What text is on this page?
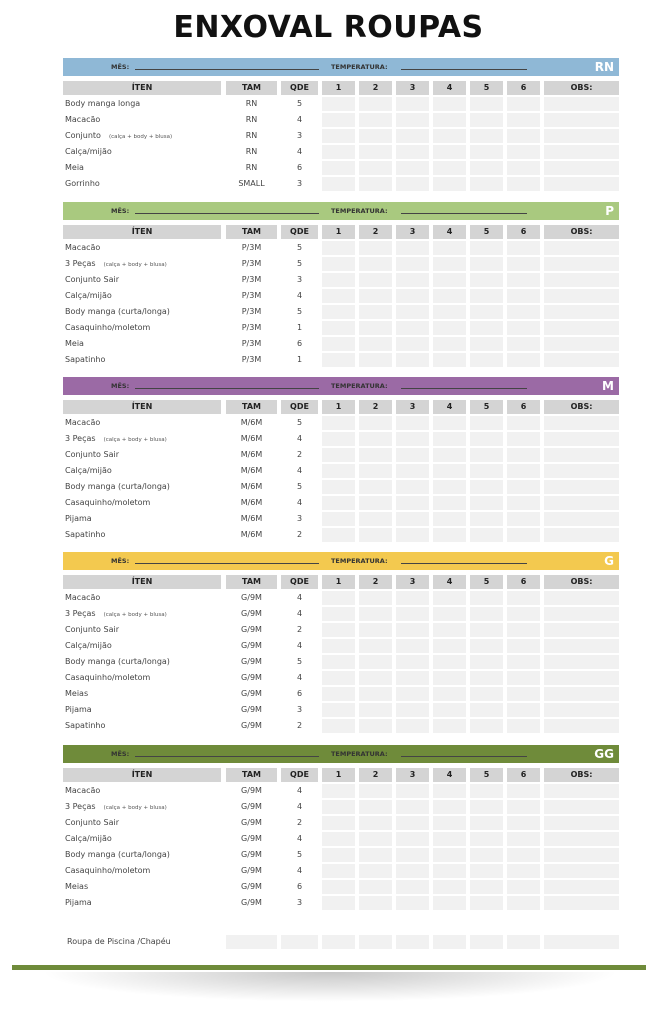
ENXOVAL ROUPAS
MÊS:	TEMPERATURA:	RN
ÍTEN	TAM	QDE	1	2	3	4	5	6	OBS:
Body manga longa	RN	5
Macacão	RN	4
Conjunto (calça + body + blusa)	RN	3
Calça/mijão	RN	4
Meia	RN	6
Gorrinho	SMALL	3
MÊS:	TEMPERATURA:	P
ÍTEN	TAM	QDE	1	2	3	4	5	6	OBS:
Macacão	P/3M	5
3 Peças (calça + body + blusa)	P/3M	5
Conjunto Sair	P/3M	3
Calça/mijão	P/3M	4
Body manga (curta/longa)	P/3M	5
Casaquinho/moletom	P/3M	1
Meia	P/3M	6
Sapatinho	P/3M	1
MÊS:	TEMPERATURA:	M
ÍTEN	TAM	QDE	1	2	3	4	5	6	OBS:
Macacão	M/6M	5
3 Peças (calça + body + blusa)	M/6M	4
Conjunto Sair	M/6M	2
Calça/mijão	M/6M	4
Body manga (curta/longa)	M/6M	5
Casaquinho/moletom	M/6M	4
Pijama	M/6M	3
Sapatinho	M/6M	2
MÊS:	TEMPERATURA:	G
ÍTEN	TAM	QDE	1	2	3	4	5	6	OBS:
Macacão	G/9M	4
3 Peças (calça + body + blusa)	G/9M	4
Conjunto Sair	G/9M	2
Calça/mijão	G/9M	4
Body manga (curta/longa)	G/9M	5
Casaquinho/moletom	G/9M	4
Meias	G/9M	6
Pijama	G/9M	3
Sapatinho	G/9M	2
MÊS:	TEMPERATURA:	GG
ÍTEN	TAM	QDE	1	2	3	4	5	6	OBS:
Macacão	G/9M	4
3 Peças (calça + body + blusa)	G/9M	4
Conjunto Sair	G/9M	2
Calça/mijão	G/9M	4
Body manga (curta/longa)	G/9M	5
Casaquinho/moletom	G/9M	4
Meias	G/9M	6
Pijama	G/9M	3
Roupa de Piscina /Chapéu
